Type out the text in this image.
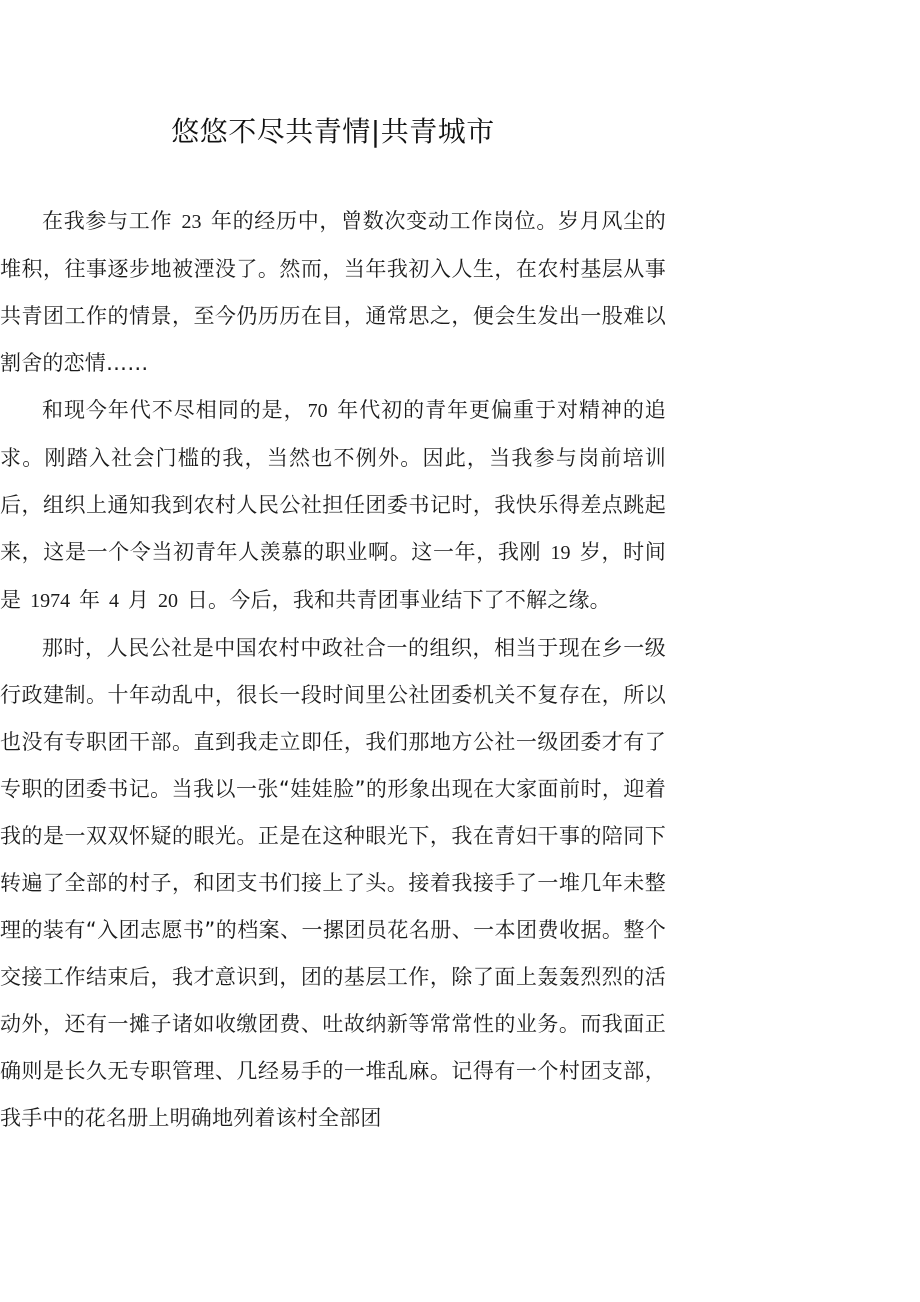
悠悠不尽共青情|共青城市

在我参与工作 23 年的经历中，曾数次变动工作岗位。岁月风尘的堆积，往事逐步地被湮没了。然而，当年我初入人生，在农村基层从事共青团工作的情景，至今仍历历在目，通常思之，便会生发出一股难以割舍的恋情……

和现今年代不尽相同的是， 70 年代初的青年更偏重于对精神的追求。刚踏入社会门槛的我，当然也不例外。因此，当我参与岗前培训后，组织上通知我到农村人民公社担任团委书记时，我快乐得差点跳起来，这是一个令当初青年人羡慕的职业啊。这一年，我刚 19 岁，时间是 1974 年 4 月 20 日。今后，我和共青团事业结下了不解之缘。

那时，人民公社是中国农村中政社合一的组织，相当于现在乡一级行政建制。十年动乱中，很长一段时间里公社团委机关不复存在，所以也没有专职团干部。直到我走立即任，我们那地方公社一级团委才有了专职的团委书记。当我以一张“娃娃脸”的形象出现在大家面前时，迎着我的是一双双怀疑的眼光。正是在这种眼光下，我在青妇干事的陪同下转遍了全部的村子，和团支书们接上了头。接着我接手了一堆几年未整理的装有“入团志愿书”的档案、一摞团员花名册、一本团费收据。整个交接工作结束后，我才意识到，团的基层工作，除了面上轰轰烈烈的活动外，还有一摊子诸如收缴团费、吐故纳新等常常性的业务。而我面正确则是长久无专职管理、几经易手的一堆乱麻。记得有一个村团支部，我手中的花名册上明确地列着该村全部团
